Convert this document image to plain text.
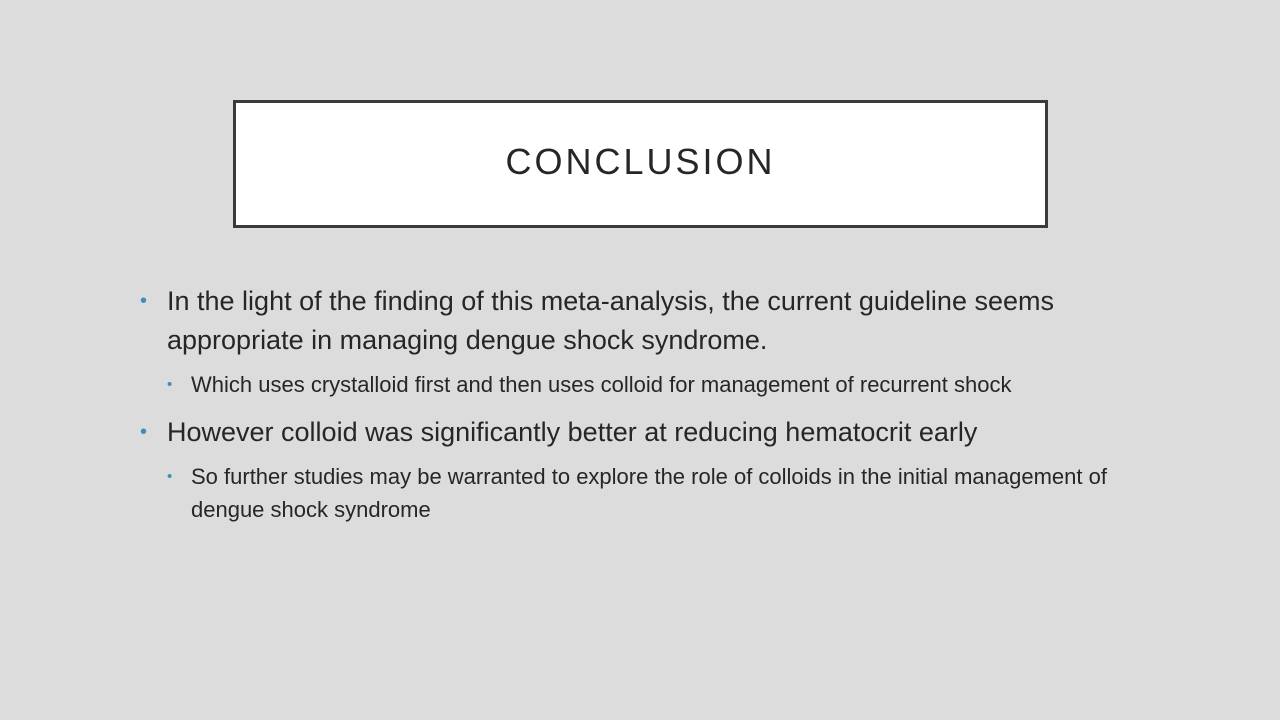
CONCLUSION
• In the light of the finding of this meta-analysis, the current guideline seems appropriate in managing dengue shock syndrome.
• Which uses crystalloid first and then uses colloid for management of recurrent shock
• However colloid was significantly better at reducing hematocrit early
• So further studies may be warranted to explore the role of colloids in the initial management of dengue shock syndrome
